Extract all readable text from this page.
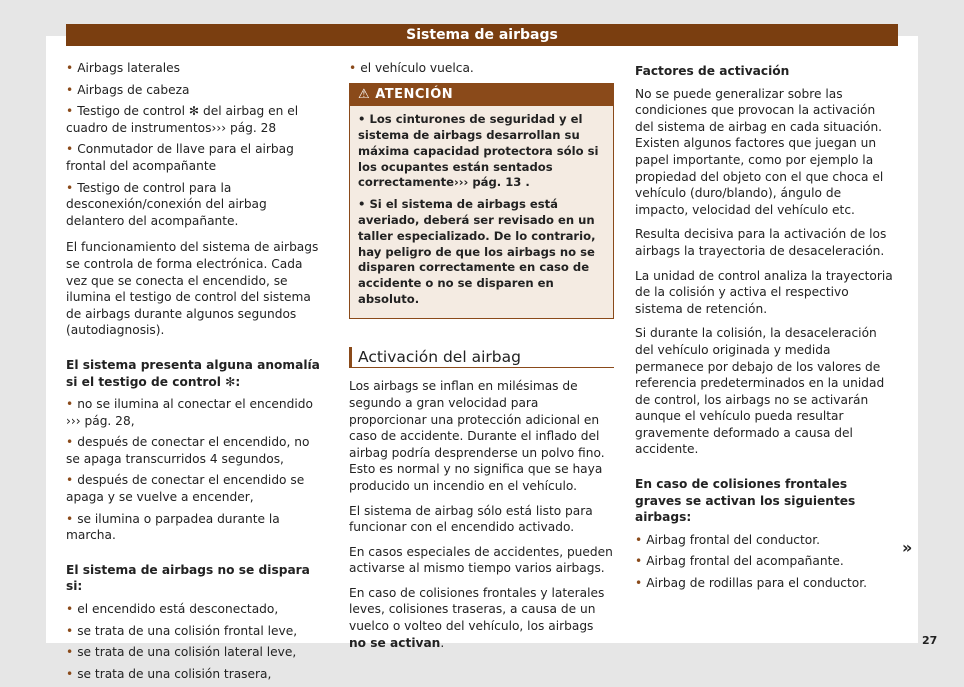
Sistema de airbags
• Airbags laterales
• Airbags de cabeza
• Testigo de control ✻ del airbag en el cuadro de instrumentos››› pág. 28
• Conmutador de llave para el airbag frontal del acompañante
• Testigo de control para la desconexión/conexión del airbag delantero del acompañante.

El funcionamiento del sistema de airbags se controla de forma electrónica. Cada vez que se conecta el encendido, se ilumina el testigo de control del sistema de airbags durante algunos segundos (autodiagnosis).

El sistema presenta alguna anomalía si el testigo de control ✻:
• no se ilumina al conectar el encendido ››› pág. 28,
• después de conectar el encendido, no se apaga transcurridos 4 segundos,
• después de conectar el encendido se apaga y se vuelve a encender,
• se ilumina o parpadea durante la marcha.
El sistema de airbags no se dispara si:
• el encendido está desconectado,
• se trata de una colisión frontal leve,
• se trata de una colisión lateral leve,
• se trata de una colisión trasera,
• el vehículo vuelca.
⚠ ATENCIÓN

• Los cinturones de seguridad y el sistema de airbags desarrollan su máxima capacidad protectora sólo si los ocupantes están sentados correctamente››› pág. 13 .

• Si el sistema de airbags está averiado, deberá ser revisado en un taller especializado. De lo contrario, hay peligro de que los airbags no se disparen correctamente en caso de accidente o no se disparen en absoluto.

Activación del airbag

Los airbags se inflan en milésimas de segundo a gran velocidad para proporcionar una protección adicional en caso de accidente. Durante el inflado del airbag podría desprenderse un polvo fino. Esto es normal y no significa que se haya producido un incendio en el vehículo.

El sistema de airbag sólo está listo para funcionar con el encendido activado.

En casos especiales de accidentes, pueden activarse al mismo tiempo varios airbags.

En caso de colisiones frontales y laterales leves, colisiones traseras, a causa de un vuelco o volteo del vehículo, los airbags no se activan.

Factores de activación

No se puede generalizar sobre las condiciones que provocan la activación del sistema de airbag en cada situación. Existen algunos factores que juegan un papel importante, como por ejemplo la propiedad del objeto con el que choca el vehículo (duro/blando), ángulo de impacto, velocidad del vehículo etc.

Resulta decisiva para la activación de los airbags la trayectoria de desaceleración.

La unidad de control analiza la trayectoria de la colisión y activa el respectivo sistema de retención.

Si durante la colisión, la desaceleración del vehículo originada y medida permanece por debajo de los valores de referencia predeterminados en la unidad de control, los airbags no se activarán aunque el vehículo pueda resultar gravemente deformado a causa del accidente.

En caso de colisiones frontales graves se activan los siguientes airbags:
• Airbag frontal del conductor.
• Airbag frontal del acompañante.
• Airbag de rodillas para el conductor.
»
27
